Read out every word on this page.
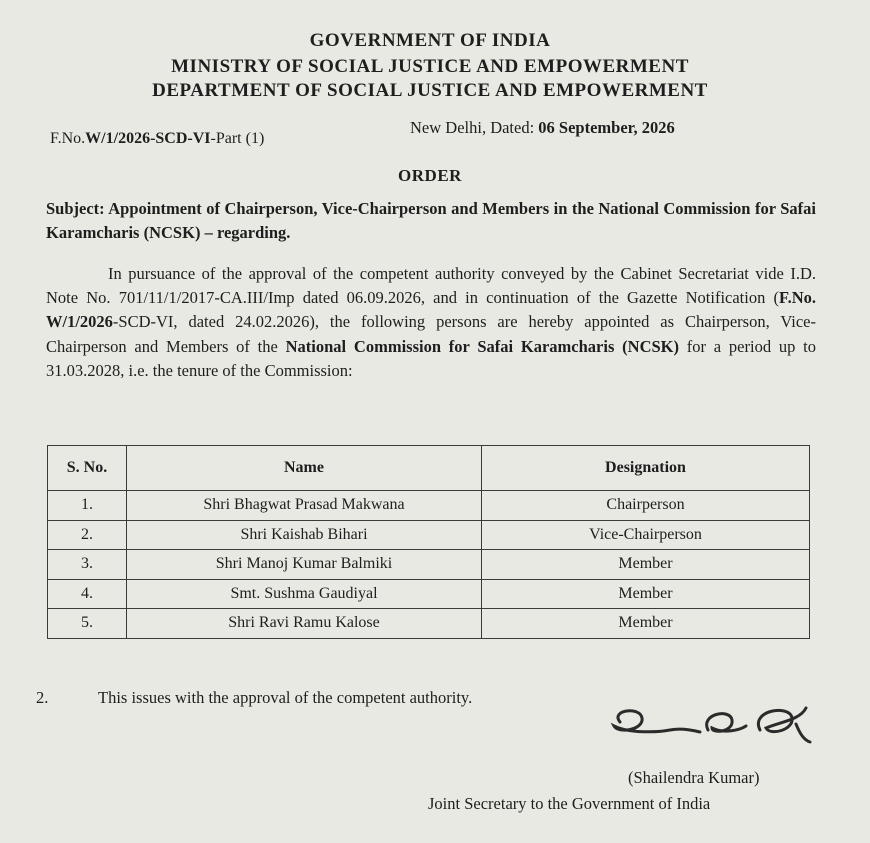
GOVERNMENT OF INDIA
MINISTRY OF SOCIAL JUSTICE AND EMPOWERMENT
DEPARTMENT OF SOCIAL JUSTICE AND EMPOWERMENT
F.No.W/1/2026-SCD-VI-Part (1)
New Delhi, Dated: 06 September, 2026
ORDER
Subject: Appointment of Chairperson, Vice-Chairperson and Members in the National Commission for Safai Karamcharis (NCSK) – regarding.
In pursuance of the approval of the competent authority conveyed by the Cabinet Secretariat vide I.D. Note No. 701/11/1/2017-CA.III/Imp dated 06.09.2026, and in continuation of the Gazette Notification (F.No. W/1/2026-SCD-VI, dated 24.02.2026), the following persons are hereby appointed as Chairperson, Vice-Chairperson and Members of the National Commission for Safai Karamcharis (NCSK) for a period up to 31.03.2028, i.e. the tenure of the Commission:
S. No.	Name	Designation
1.	Shri Bhagwat Prasad Makwana	Chairperson
2.	Shri Kaishab Bihari	Vice-Chairperson
3.	Shri Manoj Kumar Balmiki	Member
4.	Smt. Sushma Gaudiyal	Member
5.	Shri Ravi Ramu Kalose	Member
2.	This issues with the approval of the competent authority.
(Shailendra Kumar)
Joint Secretary to the Government of India
